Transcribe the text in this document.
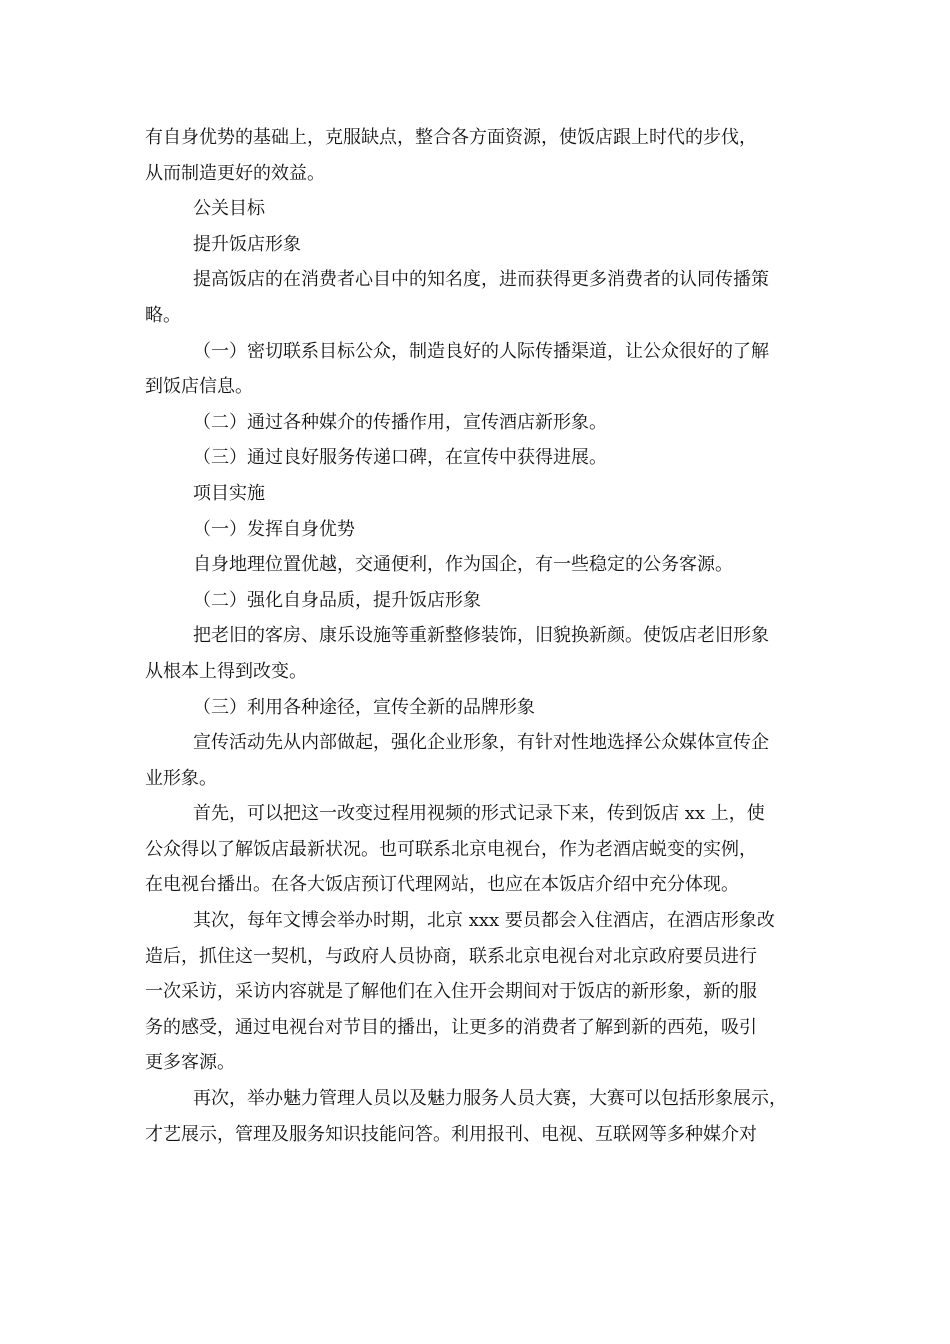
有自身优势的基础上，克服缺点，整合各方面资源，使饭店跟上时代的步伐，
从而制造更好的效益。
公关目标
提升饭店形象
提高饭店的在消费者心目中的知名度，进而获得更多消费者的认同传播策
略。
（一）密切联系目标公众，制造良好的人际传播渠道，让公众很好的了解
到饭店信息。
（二）通过各种媒介的传播作用，宣传酒店新形象。
（三）通过良好服务传递口碑，在宣传中获得进展。
项目实施
（一）发挥自身优势
自身地理位置优越，交通便利，作为国企，有一些稳定的公务客源。
（二）强化自身品质，提升饭店形象
把老旧的客房、康乐设施等重新整修装饰，旧貌换新颜。使饭店老旧形象
从根本上得到改变。
（三）利用各种途径，宣传全新的品牌形象
宣传活动先从内部做起，强化企业形象，有针对性地选择公众媒体宣传企
业形象。
首先，可以把这一改变过程用视频的形式记录下来，传到饭店 xx 上，使
公众得以了解饭店最新状况。也可联系北京电视台，作为老酒店蜕变的实例，
在电视台播出。在各大饭店预订代理网站，也应在本饭店介绍中充分体现。
其次，每年文博会举办时期，北京 xxx 要员都会入住酒店，在酒店形象改
造后，抓住这一契机，与政府人员协商，联系北京电视台对北京政府要员进行
一次采访，采访内容就是了解他们在入住开会期间对于饭店的新形象，新的服
务的感受，通过电视台对节目的播出，让更多的消费者了解到新的西苑，吸引
更多客源。
再次，举办魅力管理人员以及魅力服务人员大赛，大赛可以包括形象展示，
才艺展示，管理及服务知识技能问答。利用报刊、电视、互联网等多种媒介对
